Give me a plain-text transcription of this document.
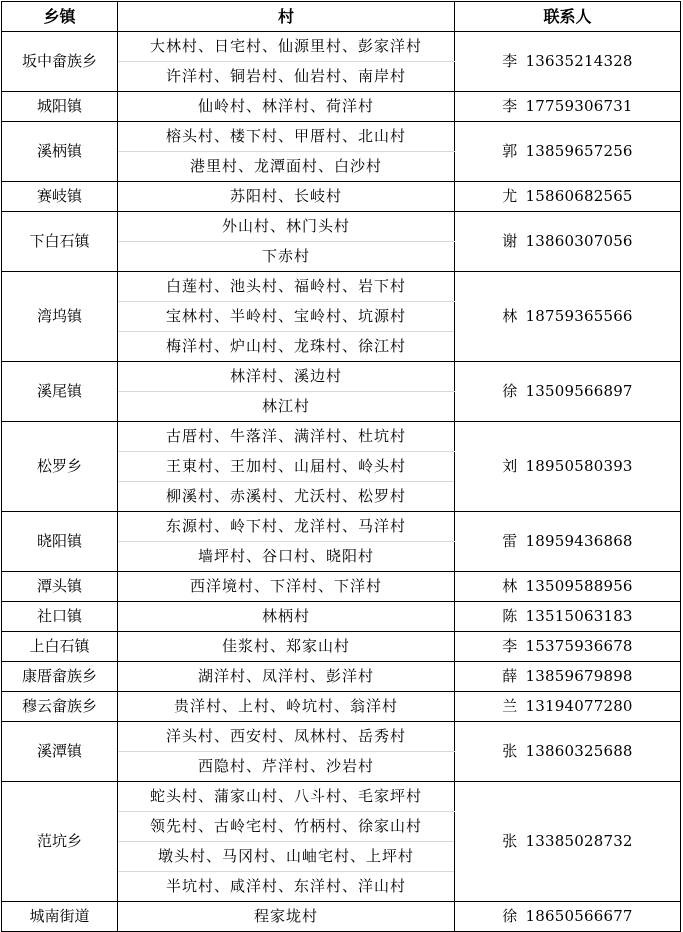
乡镇	村	联系人
坂中畲族乡	大林村、日宅村、仙源里村、彭家洋村	李 13635214328
	许洋村、铜岩村、仙岩村、南岸村	
城阳镇	仙岭村、林洋村、荷洋村	李 17759306731
溪柄镇	榕头村、楼下村、甲厝村、北山村	郭 13859657256
	港里村、龙潭面村、白沙村	
赛岐镇	苏阳村、长岐村	尤 15860682565
下白石镇	外山村、林门头村	谢 13860307056
	下赤村	
湾坞镇	白莲村、池头村、福岭村、岩下村	林 18759365566
	宝林村、半岭村、宝岭村、坑源村	
	梅洋村、炉山村、龙珠村、徐江村	
溪尾镇	林洋村、溪边村	徐 13509566897
	林江村	
松罗乡	古厝村、牛落洋、满洋村、杜坑村	刘 18950580393
	王東村、王加村、山届村、岭头村	
	柳溪村、赤溪村、尤沃村、松罗村	
晓阳镇	东源村、岭下村、龙洋村、马洋村	雷 18959436868
	墙坪村、谷口村、晓阳村	
潭头镇	西洋境村、下洋村、下洋村	林 13509588956
社口镇	林柄村	陈 13515063183
上白石镇	佳浆村、郑家山村	李 15375936678
康厝畲族乡	湖洋村、凤洋村、彭洋村	薛 13859679898
穆云畲族乡	贵洋村、上村、岭坑村、翁洋村	兰 13194077280
溪潭镇	洋头村、西安村、凤林村、岳秀村	张 13860325688
	西隐村、芹洋村、沙岩村	
范坑乡	蛇头村、蒲家山村、八斗村、毛家坪村	张 13385028732
	领先村、古岭宅村、竹柄村、徐家山村	
	墩头村、马冈村、山岫宅村、上坪村	
	半坑村、咸洋村、东洋村、洋山村	
城南街道	程家垅村	徐 18650566677
